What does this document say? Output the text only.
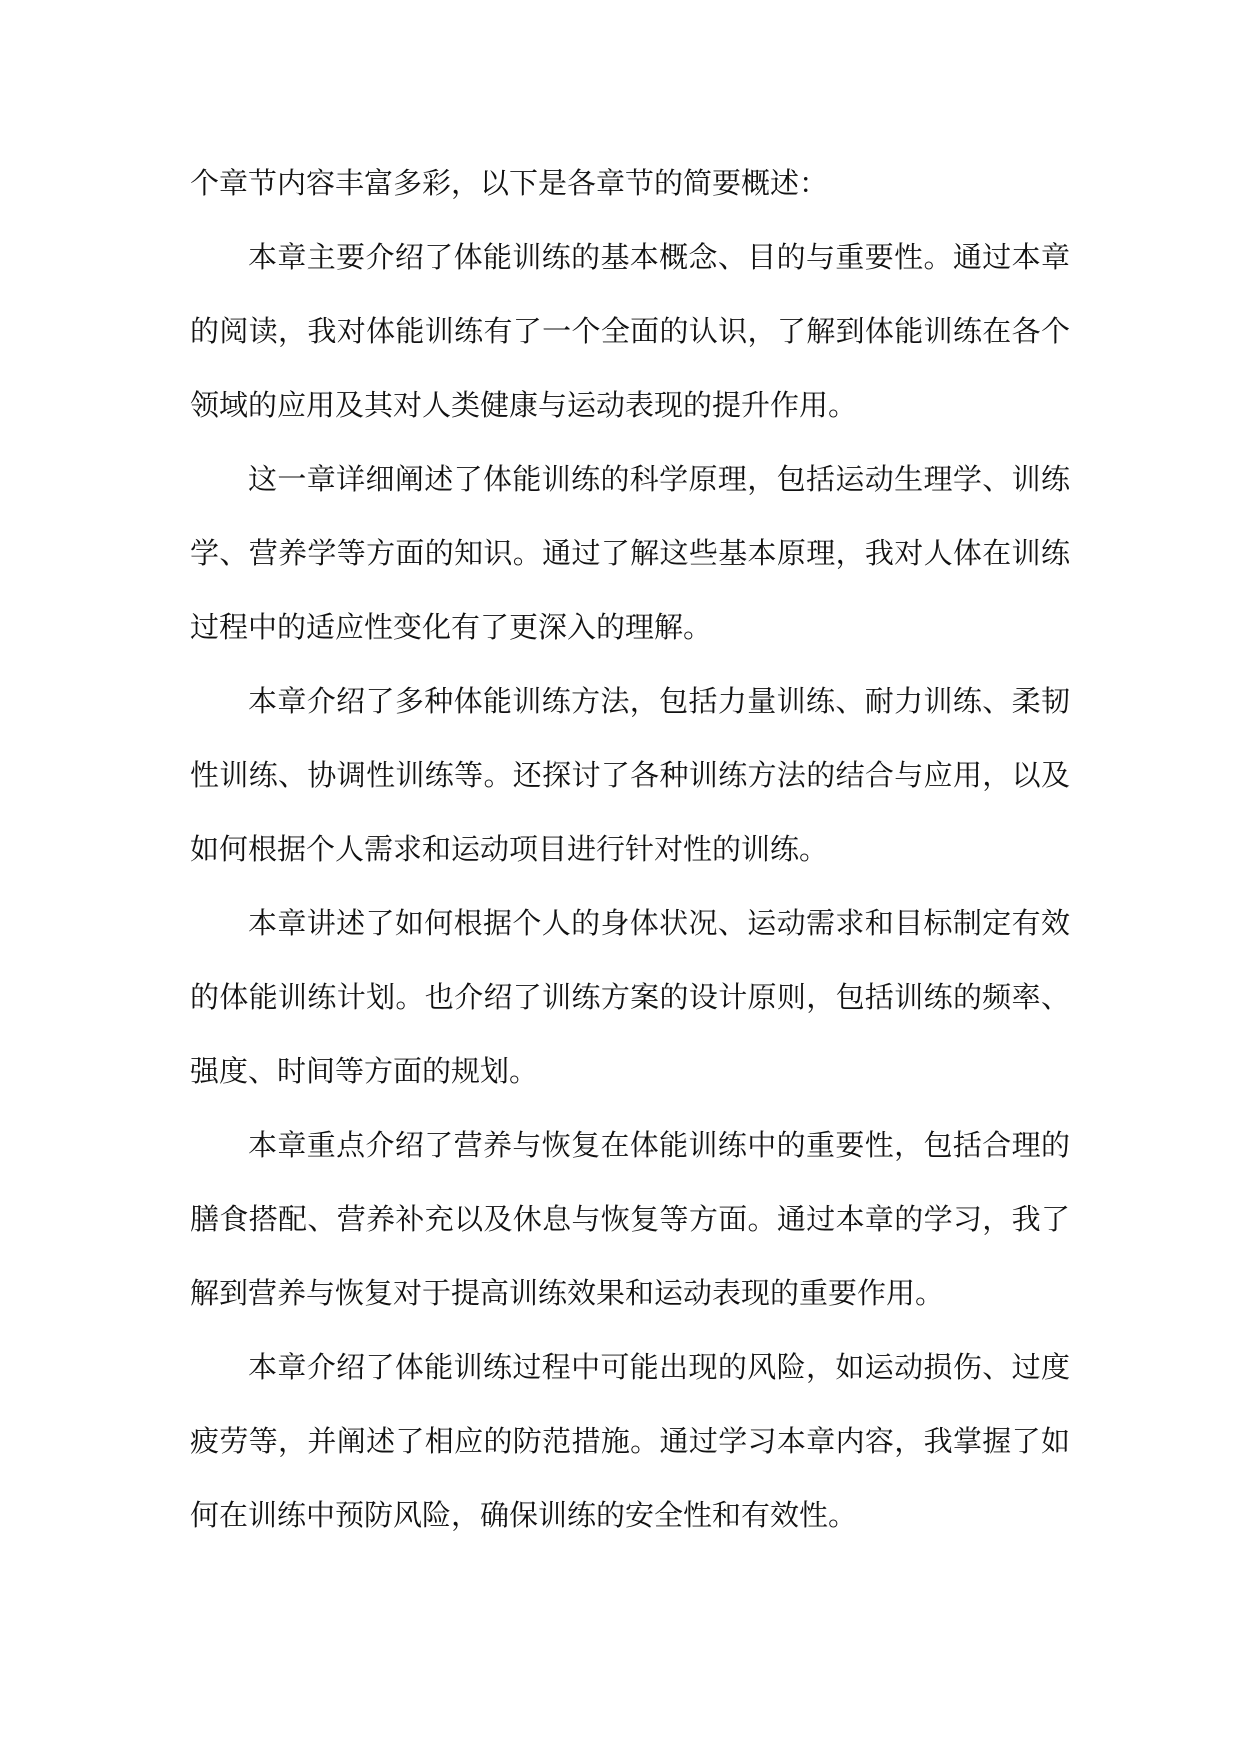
个章节内容丰富多彩，以下是各章节的简要概述：

本章主要介绍了体能训练的基本概念、目的与重要性。通过本章的阅读，我对体能训练有了一个全面的认识，了解到体能训练在各个领域的应用及其对人类健康与运动表现的提升作用。

这一章详细阐述了体能训练的科学原理，包括运动生理学、训练学、营养学等方面的知识。通过了解这些基本原理，我对人体在训练过程中的适应性变化有了更深入的理解。

本章介绍了多种体能训练方法，包括力量训练、耐力训练、柔韧性训练、协调性训练等。还探讨了各种训练方法的结合与应用，以及如何根据个人需求和运动项目进行针对性的训练。

本章讲述了如何根据个人的身体状况、运动需求和目标制定有效的体能训练计划。也介绍了训练方案的设计原则，包括训练的频率、强度、时间等方面的规划。

本章重点介绍了营养与恢复在体能训练中的重要性，包括合理的膳食搭配、营养补充以及休息与恢复等方面。通过本章的学习，我了解到营养与恢复对于提高训练效果和运动表现的重要作用。

本章介绍了体能训练过程中可能出现的风险，如运动损伤、过度疲劳等，并阐述了相应的防范措施。通过学习本章内容，我掌握了如何在训练中预防风险，确保训练的安全性和有效性。
